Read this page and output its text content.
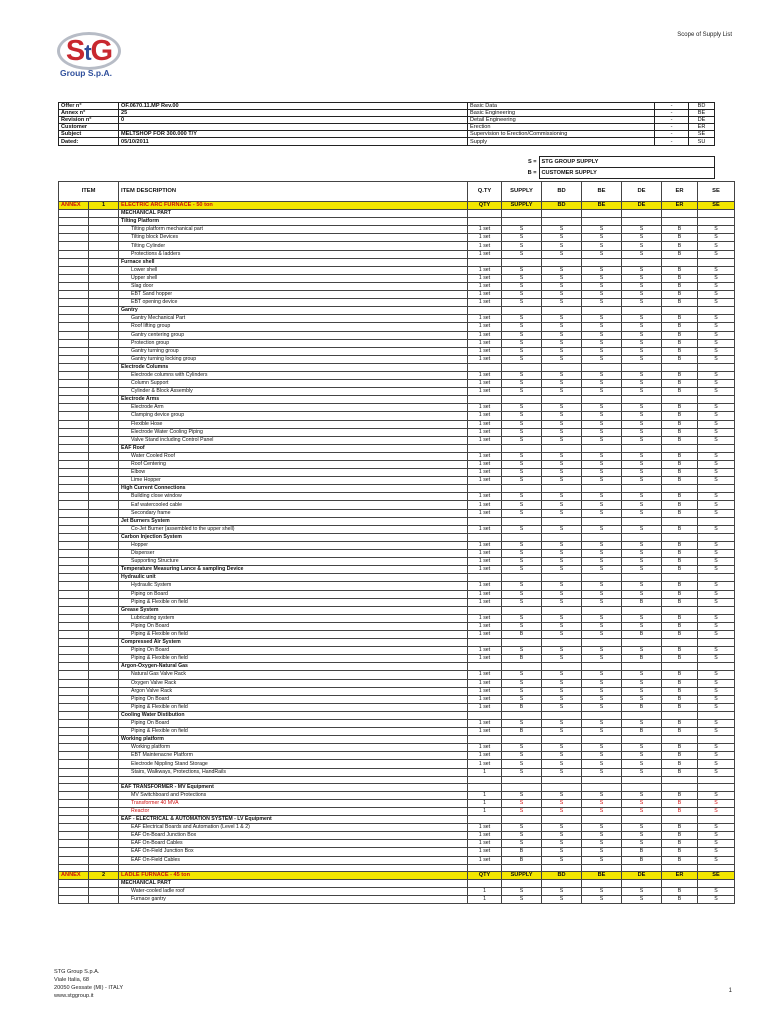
StG
Group S.p.A.
Scope of Supply List
Offer n°	OF.0670.11.MP Rev.00	Basic Data	-	BD
Annex n°	25	Basic Engineering	-	BE
Revision n°	0	Detail Engineering	-	DE
Customer		Erection	-	ER
Subject	MELTSHOP FOR 300.000 T/Y	Supervision to Erection/Commissioning	-	SE
Dated:	05/10/2011	Supply	-	SU
	S =	STG GROUP SUPPLY
	B =	CUSTOMER SUPPLY
ITEM		ITEM DESCRIPTION	Q.TY	SUPPLY	BD	BE	DE	ER	SE
ANNEX	1	ELECTRIC ARC FURNACE - 50 ton	QTY	SUPPLY	BD	BE	DE	ER	SE
		MECHANICAL PART							
		Tilting Platform							
		Tilting platform mechanical part	1 set	S	S	S	S	B	S
		Tilting block Devices	1 set	S	S	S	S	B	S
		Tilting Cylinder	1 set	S	S	S	S	B	S
		Protections & ladders	1 set	S	S	S	S	B	S
		Furnace shell							
		Lower shell	1 set	S	S	S	S	B	S
		Upper shell	1 set	S	S	S	S	B	S
		Slag door	1 set	S	S	S	S	B	S
		EBT Sand hopper	1 set	S	S	S	S	B	S
		EBT opening device	1 set	S	S	S	S	B	S
		Gantry							
		Gantry Mechanical Part	1 set	S	S	S	S	B	S
		Roof lifting group	1 set	S	S	S	S	B	S
		Gantry centering group	1 set	S	S	S	S	B	S
		Protection group	1 set	S	S	S	S	B	S
		Gantry turning group	1 set	S	S	S	S	B	S
		Gantry turning locking group	1 set	S	S	S	S	B	S
		Electrode Columns							
		Electrode columns with Cylinders	1 set	S	S	S	S	B	S
		Column Support	1 set	S	S	S	S	B	S
		Cylinder & Block Assembly	1 set	S	S	S	S	B	S
		Electrode Arms							
		Electrode Arm	1 set	S	S	S	S	B	S
		Clamping device group	1 set	S	S	S	S	B	S
		Flexible Hose	1 set	S	S	S	S	B	S
		Electrode Water Cooling Piping	1 set	S	S	S	S	B	S
		Valve Stand including Control Panel	1 set	S	S	S	S	B	S
		EAF Roof							
		Water Cooled Roof	1 set	S	S	S	S	B	S
		Roof Centering	1 set	S	S	S	S	B	S
		Elbow	1 set	S	S	S	S	B	S
		Lime Hopper	1 set	S	S	S	S	B	S
		High Current Connections							
		Building close window	1 set	S	S	S	S	B	S
		Eaf watercooled cable	1 set	S	S	S	S	B	S
		Secondary frame	1 set	S	S	S	S	B	S
		Jet Burners System							
		Co-Jet Burner (assembled to the upper shell)	1 set	S	S	S	S	B	S
		Carbon Injection System							
		Hopper	1 set	S	S	S	S	B	S
		Dispenser	1 set	S	S	S	S	B	S
		Supporting Structure	1 set	S	S	S	S	B	S
		Temperature Measuring Lance & sampling Device	1 set	S	S	S	S	B	S
		Hydraulic unit							
		Hydraulic System	1 set	S	S	S	S	B	S
		Piping on Board	1 set	S	S	S	S	B	S
		Piping & Flexible on field	1 set	S	S	S	B	B	S
		Grease System							
		Lubricating system	1 set	S	S	S	S	B	S
		Piping On Board	1 set	S	S	S	S	B	S
		Piping & Flexible on field	1 set	B	S	S	B	B	S
		Compressed Air System							
		Piping On Board	1 set	S	S	S	S	B	S
		Piping & Flexible on field	1 set	B	S	S	B	B	S
		Argon-Oxygen-Natural Gas							
		Natural Gas Valve Rack	1 set	S	S	S	S	B	S
		Oxygen Valve Rack	1 set	S	S	S	S	B	S
		Argon Valve Rack	1 set	S	S	S	S	B	S
		Piping On Board	1 set	S	S	S	S	B	S
		Piping & Flexible on field	1 set	B	S	S	B	B	S
		Cooling Water Distibution							
		Piping On Board	1 set	S	S	S	S	B	S
		Piping & Flexible on field	1 set	B	S	S	B	B	S
		Working platform							
		Working platform	1 set	S	S	S	S	B	S
		EBT Maintenacne Platform	1 set	S	S	S	S	B	S
		Electrode Nippling Stand Storage	1 set	S	S	S	S	B	S
		Stairs, Walkways, Protections, HandRails	1	S	S	S	S	B	S

		EAF TRANSFORMER - MV Equipment							
		MV Switchboard and Protections	1	S	S	S	S	B	S
		Transformer 40 MVA	1	S	S	S	S	B	S
		Reactor	1	S	S	S	S	B	S
		EAF - ELECTRICAL & AUTOMATION SYSTEM - LV Equipment							
		EAF Electrical Boards and Automation (Level 1 & 2)	1 set	S	S	S	S	B	S
		EAF On-Board Junction Box	1 set	S	S	S	S	B	S
		EAF On-Board Cables	1 set	S	S	S	S	B	S
		EAF On-Field Junction Box	1 set	B	S	S	B	B	S
		EAF On-Field Cables	1 set	B	S	S	B	B	S

ANNEX	2	LADLE FURNACE - 45 ton	QTY	SUPPLY	BD	BE	DE	ER	SE
		MECHANICAL PART							
		Water-cooled ladle roof	1	S	S	S	S	B	S
		Furnace gantry	1	S	S	S	S	B	S
STG Group S.p.A.
Viale Italia, 68
20050 Gessate (MI) - ITALY
www.stggroup.it
1
